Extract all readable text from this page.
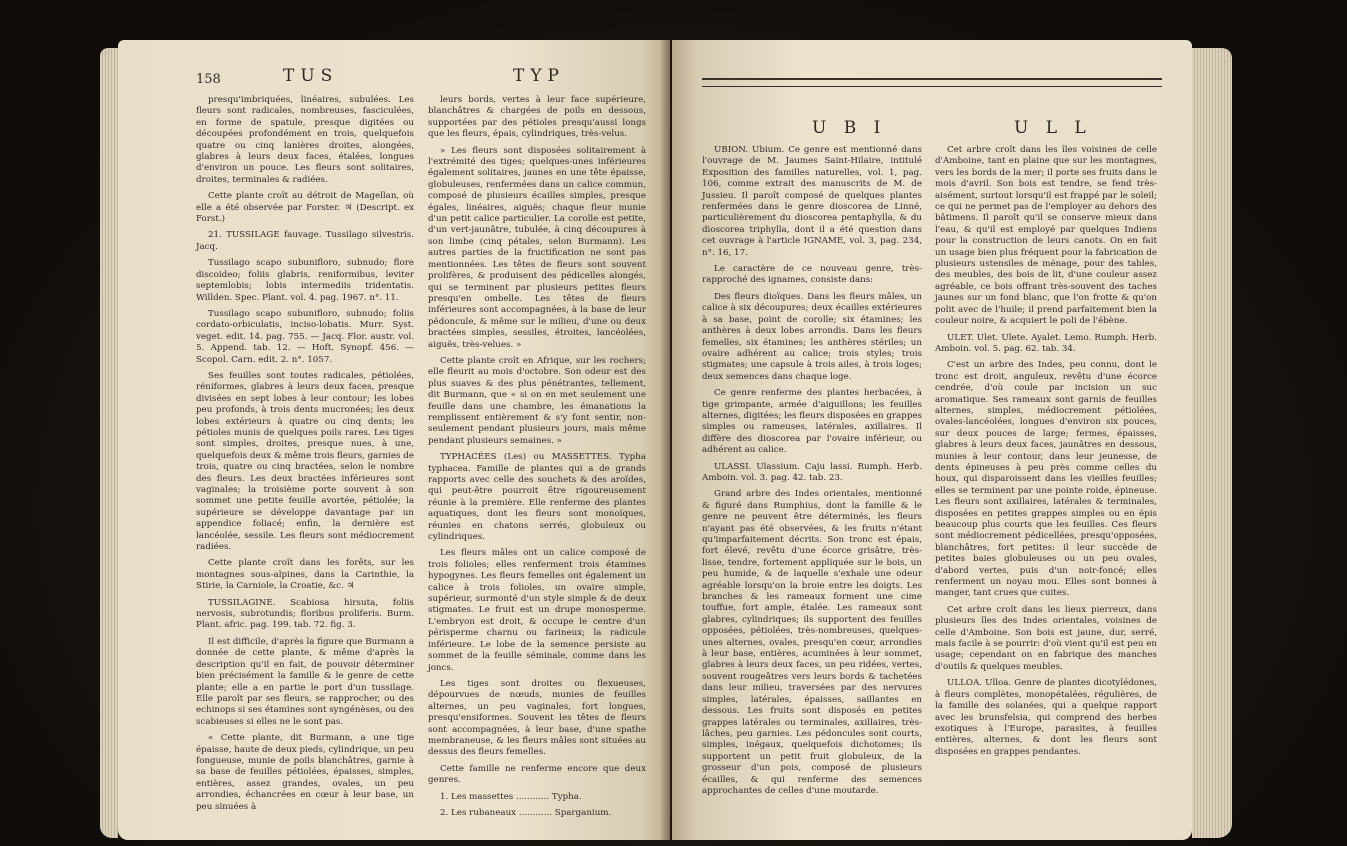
158	TUS	TYP

presqu'imbriquées, linéaires, subulées. Les fleurs sont radicales, nombreuses, fasciculées, en forme de spatule, presque digitées ou découpées profondément en trois, quelquefois quatre ou cinq lanières droites, alongées, glabres à leurs deux faces, étalées, longues d'environ un pouce. Les fleurs sont solitaires, droites, terminales & radiées.

Cette plante croît au détroit de Magellan, où elle a été observée par Forster. ♃ (Descript. ex Forst.)

21. TUSSILAGE fauvage. Tussilago silvestris. Jacq.

Tussilago scapo subunifloro, subnudo; flore discoideo; foliis glabris, reniformibus, leviter septemlobis; lobis intermediis tridentatis. Willden. Spec. Plant. vol. 4. pag. 1967. n°. 11.

Tussilago scapo subunifloro, subnudo; foliis cordato-orbiculatis, inciso-lobatis. Murr. Syst. veget. edit. 14. pag. 755. — Jacq. Flor. austr. vol. 5. Append. tab. 12. — Hoft. Synopf. 456. — Scopol. Carn. edit. 2. n°. 1057.

Ses feuilles sont toutes radicales, pétiolées, réniformes, glabres à leurs deux faces, presque divisées en sept lobes à leur contour; les lobes peu profonds, à trois dents mucronées; les deux lobes extérieurs à quatre ou cinq dents; les pétioles munis de quelques poils rares. Les tiges sont simples, droites, presque nues, à une, quelquefois deux & même trois fleurs, garnies de trois, quatre ou cinq bractées, selon le nombre des fleurs. Les deux bractées inférieures sont vaginales; la troisième porte souvent à son sommet une petite feuille avortée, pétiolée; la supérieure se développe davantage par un appendice foliacé; enfin, la dernière est lancéolée, sessile. Les fleurs sont médiocrement radiées.

Cette plante croît dans les forêts, sur les montagnes sous-alpines, dans la Carinthie, la Stirie, la Carniole, la Croatie, &c. ♃

TUSSILAGINE. Scabiosa hirsuta, foliis nervosis, subrotundis; floribus proliferis. Burm. Plant. afric. pag. 199. tab. 72. fig. 3.

Il est difficile, d'après la figure que Burmann a donnée de cette plante, & même d'après la description qu'il en fait, de pouvoir déterminer bien précisément la famille & le genre de cette plante; elle a en partie le port d'un tussilage. Elle paroît par ses fleurs, se rapprocher, ou des echinops si ses étamines sont syngénèses, ou des scabieuses si elles ne le sont pas.

« Cette plante, dit Burmann, a une tige épaisse, haute de deux pieds, cylindrique, un peu fongueuse, munie de poils blanchâtres, garnie à sa base de feuilles pétiolées, épaisses, simples, entières, assez grandes, ovales, un peu arrondies, échancrées en cœur à leur base, un peu sinuées à

leurs bords, vertes à leur face supérieure, blanchâtres & chargées de poils en dessous, supportées par des pétioles presqu'aussi longs que les fleurs, épais, cylindriques, très-velus.

» Les fleurs sont disposées solitairement à l'extrémité des tiges; quelques-unes inférieures également solitaires, jaunes en une tête épaisse, globuleuses, renfermées dans un calice commun, composé de plusieurs écailles simples, presque égales, linéaires, aiguës; chaque fleur munie d'un petit calice particulier. La corolle est petite, d'un vert-jaunâtre, tubulée, à cinq découpures à son limbe (cinq pétales, selon Burmann). Les autres parties de la fructification ne sont pas mentionnées. Les têtes de fleurs sont souvent prolifères, & produisent des pédicelles alongés, qui se terminent par plusieurs petites fleurs presqu'en ombelle. Les têtes de fleurs inférieures sont accompagnées, à la base de leur pédoncule, & même sur le milieu, d'une ou deux bractées simples, sessiles, étroites, lancéolées, aiguës, très-velues. »

Cette plante croît en Afrique, sur les rochers; elle fleurit au mois d'octobre. Son odeur est des plus suaves & des plus pénétrantes, tellement, dit Burmann, que « si on en met seulement une feuille dans une chambre, les émanations la remplissent entièrement & s'y font sentir, non-seulement pendant plusieurs jours, mais même pendant plusieurs semaines. »

TYPHACÉES (Les) ou MASSETTES. Typha typhacea. Famille de plantes qui a de grands rapports avec celle des souchets & des aroïdes, qui peut-être pourroit être rigoureusement réunie à la première. Elle renferme des plantes aquatiques, dont les fleurs sont monoïques, réunies en chatons serrés, globuleux ou cylindriques.

Les fleurs mâles ont un calice composé de trois folioles; elles renferment trois étamines hypogynes. Les fleurs femelles ont également un calice à trois folioles, un ovaire simple, supérieur, surmonté d'un style simple & de deux stigmates. Le fruit est un drupe monosperme. L'embryon est droit, & occupe le centre d'un périsperme charnu ou farineux; la radicule inférieure. Le lobe de la semence persiste au sommet de la feuille séminale, comme dans les joncs.

Les tiges sont droites ou flexueuses, dépourvues de nœuds, munies de feuilles alternes, un peu vaginales, fort longues, presqu'ensiformes. Souvent les têtes de fleurs sont accompagnées, à leur base, d'une spathe membraneuse, & les fleurs mâles sont situées au dessus des fleurs femelles.

Cette famille ne renferme encore que deux genres.

1. Les massettes ............ Typha.

2. Les rubaneaux ............ Sparganium.

U B I	U L L

UBION. Ubium. Ce genre est mentionné dans l'ouvrage de M. Jaumes Saint-Hilaire, intitulé Exposition des familles naturelles, vol. 1, pag. 106, comme extrait des manuscrits de M. de Jussieu. Il paroît composé de quelques plantes renfermées dans le genre dioscorea de Linné, particulièrement du dioscorea pentaphylla, & du dioscorea triphylla, dont il a été question dans cet ouvrage à l'article IGNAME, vol. 3, pag. 234, n°. 16, 17.

Le caractère de ce nouveau genre, très-rapproché des ignames, consiste dans:

Des fleurs dioïques. Dans les fleurs mâles, un calice à six découpures; deux écailles extérieures à sa base, point de corolle; six étamines; les anthères à deux lobes arrondis. Dans les fleurs femelles, six étamines; les anthères stériles; un ovaire adhérent au calice; trois styles; trois stigmates; une capsule à trois ailes, à trois loges; deux semences dans chaque loge.

Ce genre renferme des plantes herbacées, à tige grimpante, armée d'aiguillons; les feuilles alternes, digitées; les fleurs disposées en grappes simples ou rameuses, latérales, axillaires. Il diffère des dioscorea par l'ovaire inférieur, ou adhérent au calice.

ULASSI. Ulassium. Caju lassi. Rumph. Herb. Amboin. vol. 3. pag. 42. tab. 23.

Grand arbre des Indes orientales, mentionné & figuré dans Rumphius, dont la famille & le genre ne peuvent être déterminés, les fleurs n'ayant pas été observées, & les fruits n'étant qu'imparfaitement décrits. Son tronc est épais, fort élevé, revêtu d'une écorce grisâtre, très-lisse, tendre, fortement appliquée sur le bois, un peu humide, & de laquelle s'exhale une odeur agréable lorsqu'on la broie entre les doigts. Les branches & les rameaux forment une cime touffue, fort ample, étalée. Les rameaux sont glabres, cylindriques; ils supportent des feuilles opposées, pétiolées, très-nombreuses, quelques-unes alternes, ovales, presqu'en cœur, arrondies à leur base, entières, acuminées à leur sommet, glabres à leurs deux faces, un peu ridées, vertes, souvent rougeâtres vers leurs bords & tachetées dans leur milieu, traversées par des nervures simples, latérales, épaisses, saillantes en dessous. Les fruits sont disposés en petites grappes latérales ou terminales, axillaires, très-lâches, peu garnies. Les pédoncules sont courts, simples, inégaux, quelquefois dichotomes; ils supportent un petit fruit globuleux, de la grosseur d'un pois, composé de plusieurs écailles, & qui renferme des semences approchantes de celles d'une moutarde.

Cet arbre croît dans les îles voisines de celle d'Amboine, tant en plaine que sur les montagnes, vers les bords de la mer; il porte ses fruits dans le mois d'avril. Son bois est tendre, se fend très-aisément, surtout lorsqu'il est frappé par le soleil; ce qui ne permet pas de l'employer au dehors des bâtimens. Il paroît qu'il se conserve mieux dans l'eau, & qu'il est employé par quelques Indiens pour la construction de leurs canots. On en fait un usage bien plus fréquent pour la fabrication de plusieurs ustensiles de ménage, pour des tables, des meubles, des bois de lit, d'une couleur assez agréable, ce bois offrant très-souvent des taches jaunes sur un fond blanc, que l'on frotte & qu'on polit avec de l'huile; il prend parfaitement bien la couleur noire, & acquiert le poli de l'ébène.

ULET. Ulet. Ulete. Ayalet. Lemo. Rumph. Herb. Amboin. vol. 5. pag. 62. tab. 34.

C'est un arbre des Indes, peu connu, dont le tronc est droit, anguleux, revêtu d'une écorce cendrée, d'où coule par incision un suc aromatique. Ses rameaux sont garnis de feuilles alternes, simples, médiocrement pétiolées, ovales-lancéolées, longues d'environ six pouces, sur deux pouces de large; fermes, épaisses, glabres à leurs deux faces, jaunâtres en dessous, munies à leur contour, dans leur jeunesse, de dents épineuses à peu près comme celles du houx, qui disparoissent dans les vieilles feuilles; elles se terminent par une pointe roide, épineuse. Les fleurs sont axillaires, latérales & terminales, disposées en petites grappes simples ou en épis beaucoup plus courts que les feuilles. Ces fleurs sont médiocrement pédicellées, presqu'opposées, blanchâtres, fort petites: il leur succède de petites baies globuleuses ou un peu ovales, d'abord vertes, puis d'un noir-foncé; elles renferment un noyau mou. Elles sont bonnes à manger, tant crues que cuites.

Cet arbre croît dans les lieux pierreux, dans plusieurs îles des Indes orientales, voisines de celle d'Amboine. Son bois est jaune, dur, serré, mais facile à se pourrir: d'où vient qu'il est peu en usage; cependant on en fabrique des manches d'outils & quelques meubles.

ULLOA. Ulloa. Genre de plantes dicotylédones, à fleurs complètes, monopétalées, régulières, de la famille des solanées, qui a quelque rapport avec les brunsfelsia, qui comprend des herbes exotiques à l'Europe, parasites, à feuilles entières, alternes, & dont les fleurs sont disposées en grappes pendantes.
